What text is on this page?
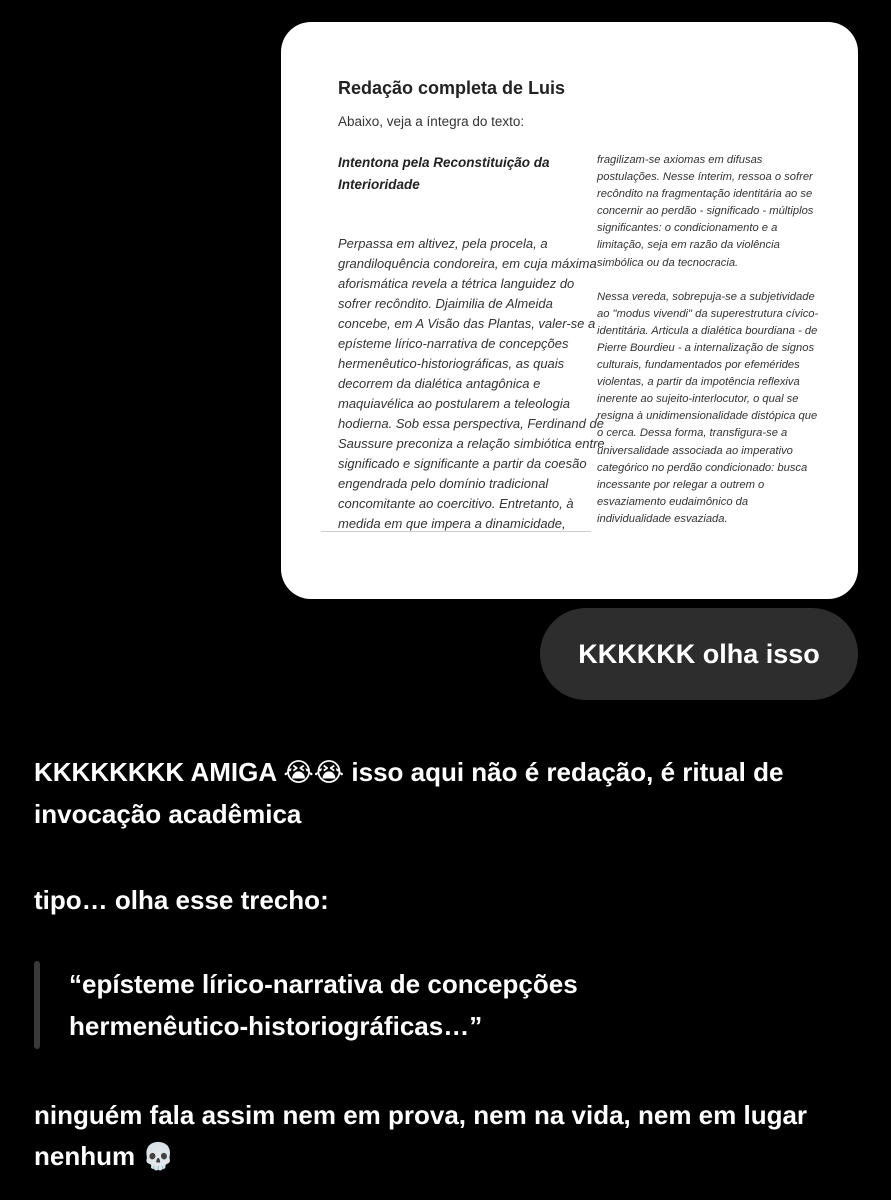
Redação completa de Luis
Abaixo, veja a íntegra do texto:
Intentona pela Reconstituição da
Interioridade
Perpassa em altivez, pela procela, a
grandiloquência condoreira, em cuja máxima
aforismática revela a tétrica languidez do
sofrer recôndito. Djaimilia de Almeida
concebe, em A Visão das Plantas, valer-se a
epísteme lírico-narrativa de concepções
hermenêutico-historiográficas, as quais
decorrem da dialética antagônica e
maquiavélica ao postularem a teleologia
hodierna. Sob essa perspectiva, Ferdinand de
Saussure preconiza a relação simbiótica entre
significado e significante a partir da coesão
engendrada pelo domínio tradicional
concomitante ao coercitivo. Entretanto, à
medida em que impera a dinamicidade,
fragilizam-se axiomas em difusas
postulações. Nesse ínterim, ressoa o sofrer
recôndito na fragmentação identitária ao se
concernir ao perdão - significado - múltiplos
significantes: o condicionamento e a
limitação, seja em razão da violência
simbólica ou da tecnocracia.
Nessa vereda, sobrepuja-se a subjetividade
ao "modus vivendi" da superestrutura cívico-
identitária. Articula a dialética bourdiana - de
Pierre Bourdieu - a internalização de signos
culturais, fundamentados por efemérides
violentas, a partir da impotência reflexiva
inerente ao sujeito-interlocutor, o qual se
resigna à unidimensionalidade distópica que
o cerca. Dessa forma, transfigura-se a
universalidade associada ao imperativo
categórico no perdão condicionado: busca
incessante por relegar a outrem o
esvaziamento eudaimônico da
individualidade esvaziada.
KKKKKK olha isso
KKKKKKKK AMIGA 😭😭 isso aqui não é redação, é ritual de invocação acadêmica
tipo… olha esse trecho:
“epísteme lírico-narrativa de concepções
hermenêutico-historiográficas…”
ninguém fala assim nem em prova, nem na vida, nem em lugar nenhum 💀
